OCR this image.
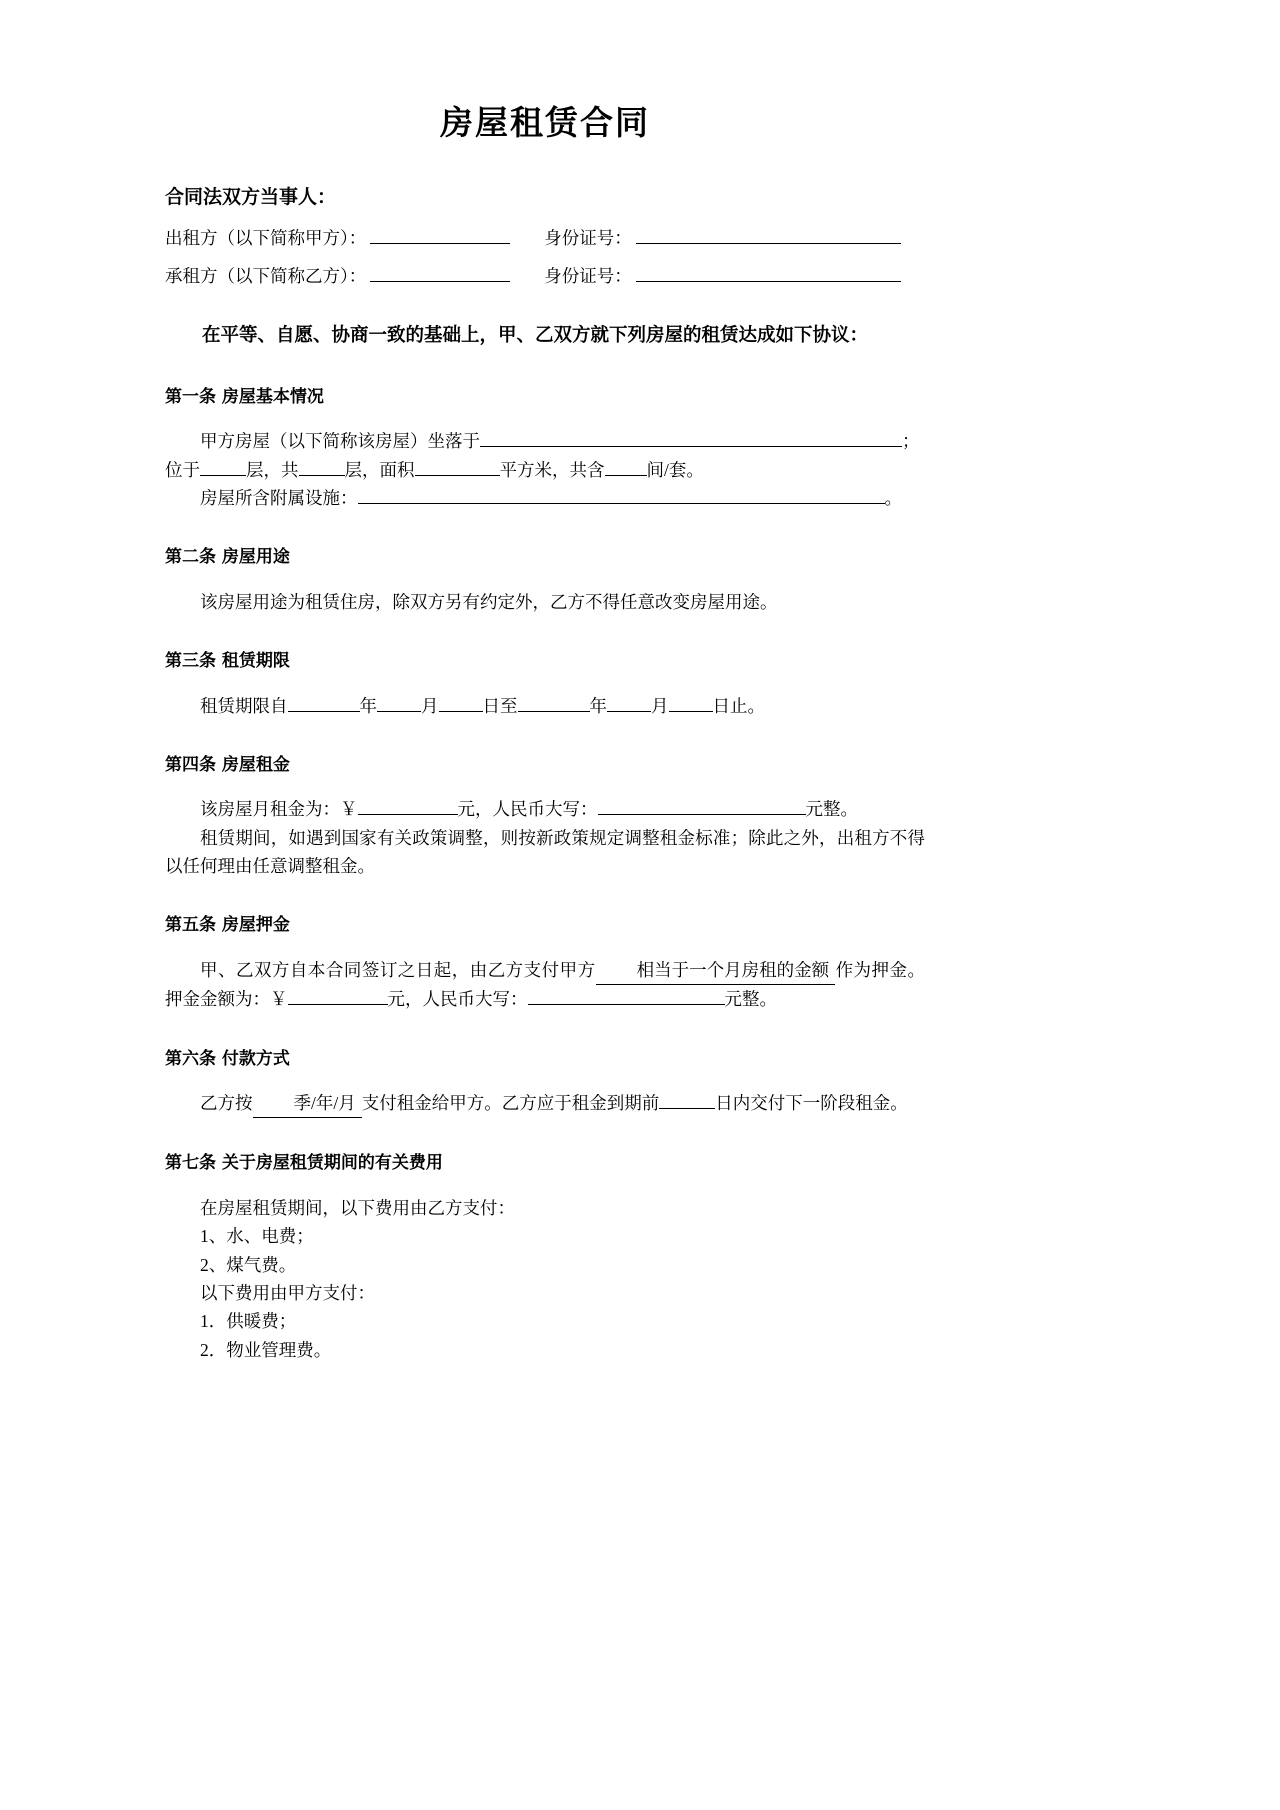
房屋租赁合同
合同法双方当事人：
出租方（以下简称甲方）：	身份证号：
承租方（以下简称乙方）：	身份证号：

在平等、自愿、协商一致的基础上，甲、乙双方就下列房屋的租赁达成如下协议：

第一条 房屋基本情况

甲方房屋（以下简称该房屋）坐落于	；

位于	层，共	层，面积	平方米，共含 间/套。

房屋所含附属设施：	。

第二条 房屋用途

该房屋用途为租赁住房，除双方另有约定外，乙方不得任意改变房屋用途。

第三条 租赁期限

租赁期限自	年	月	日至	年	月	日止。

第四条 房屋租金

该房屋月租金为：￥	元，人民币大写：	元整。

租赁期间，如遇到国家有关政策调整，则按新政策规定调整租金标准；除此之外，出租方不得以任何理由任意调整租金。

第五条 房屋押金

甲、乙双方自本合同签订之日起，由乙方支付甲方 相当于一个月房租的金额 作为押金。押金金额为：￥	元，人民币大写：	元整。

第六条 付款方式

乙方按 季/年/月 支付租金给甲方。乙方应于租金到期前	日内交付下一阶段租金。

第七条 关于房屋租赁期间的有关费用

在房屋租赁期间，以下费用由乙方支付：

1、水、电费；

2、煤气费。

以下费用由甲方支付：

1．供暖费；

2．物业管理费。
